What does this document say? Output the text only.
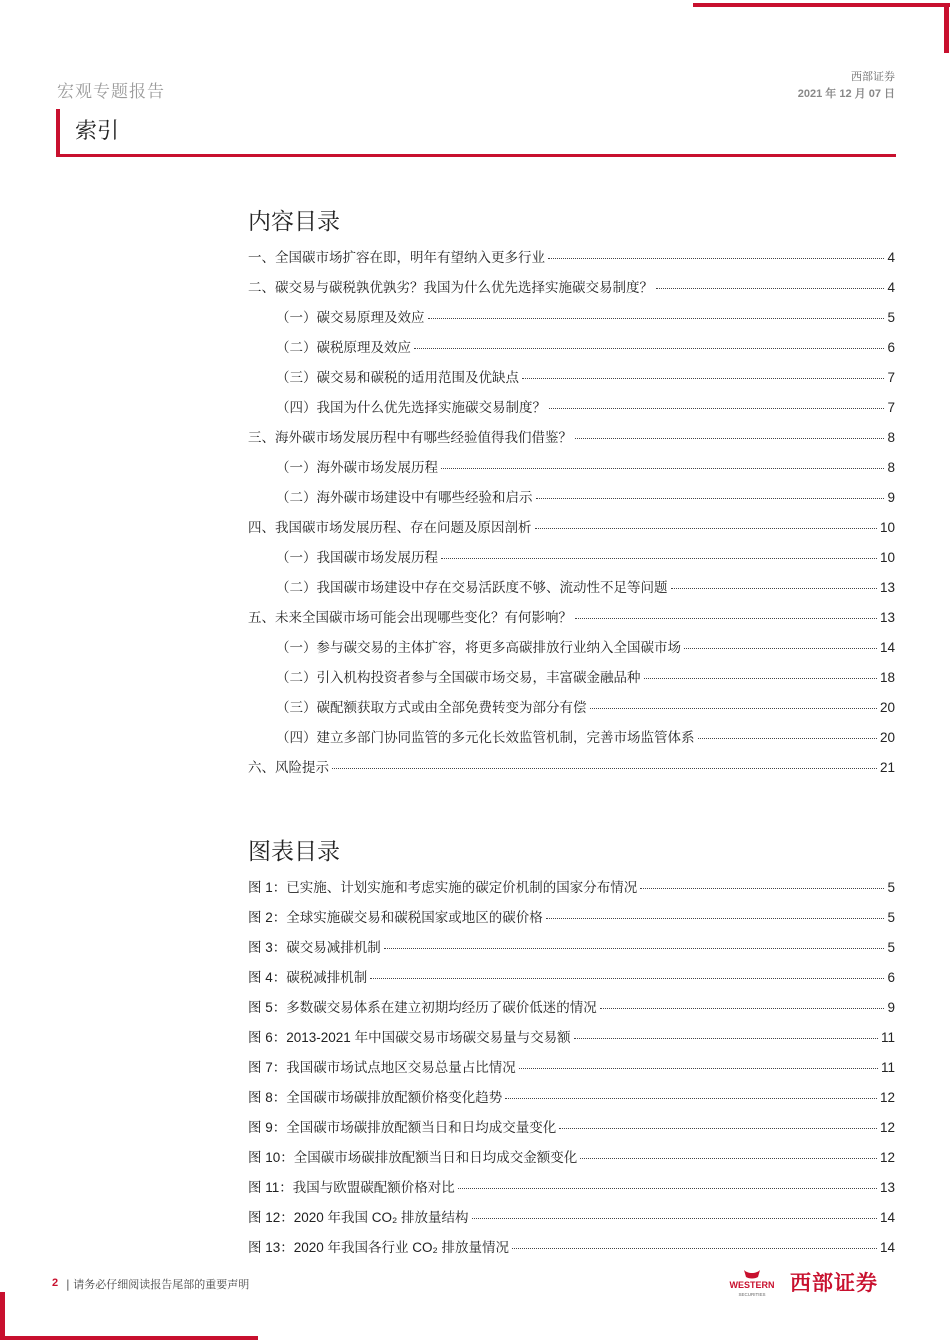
宏观专题报告
西部证券
2021 年 12 月 07 日
索引
内容目录
一、全国碳市场扩容在即，明年有望纳入更多行业	4
二、碳交易与碳税孰优孰劣？我国为什么优先选择实施碳交易制度？	4
（一）碳交易原理及效应	5
（二）碳税原理及效应	6
（三）碳交易和碳税的适用范围及优缺点	7
（四）我国为什么优先选择实施碳交易制度？	7
三、海外碳市场发展历程中有哪些经验值得我们借鉴？	8
（一）海外碳市场发展历程	8
（二）海外碳市场建设中有哪些经验和启示	9
四、我国碳市场发展历程、存在问题及原因剖析	10
（一）我国碳市场发展历程	10
（二）我国碳市场建设中存在交易活跃度不够、流动性不足等问题	13
五、未来全国碳市场可能会出现哪些变化？有何影响？	13
（一）参与碳交易的主体扩容，将更多高碳排放行业纳入全国碳市场	14
（二）引入机构投资者参与全国碳市场交易，丰富碳金融品种	18
（三）碳配额获取方式或由全部免费转变为部分有偿	20
（四）建立多部门协同监管的多元化长效监管机制，完善市场监管体系	20
六、风险提示	21
图表目录
图 1：已实施、计划实施和考虑实施的碳定价机制的国家分布情况	5
图 2：全球实施碳交易和碳税国家或地区的碳价格	5
图 3：碳交易减排机制	5
图 4：碳税减排机制	6
图 5：多数碳交易体系在建立初期均经历了碳价低迷的情况	9
图 6：2013-2021 年中国碳交易市场碳交易量与交易额	11
图 7：我国碳市场试点地区交易总量占比情况	11
图 8：全国碳市场碳排放配额价格变化趋势	12
图 9：全国碳市场碳排放配额当日和日均成交量变化	12
图 10：全国碳市场碳排放配额当日和日均成交金额变化	12
图 11：我国与欧盟碳配额价格对比	13
图 12：2020 年我国 CO₂ 排放量结构	14
图 13：2020 年我国各行业 CO₂ 排放量情况	14
2 | 请务必仔细阅读报告尾部的重要声明	WESTERN
SECURITIES 西部证券
